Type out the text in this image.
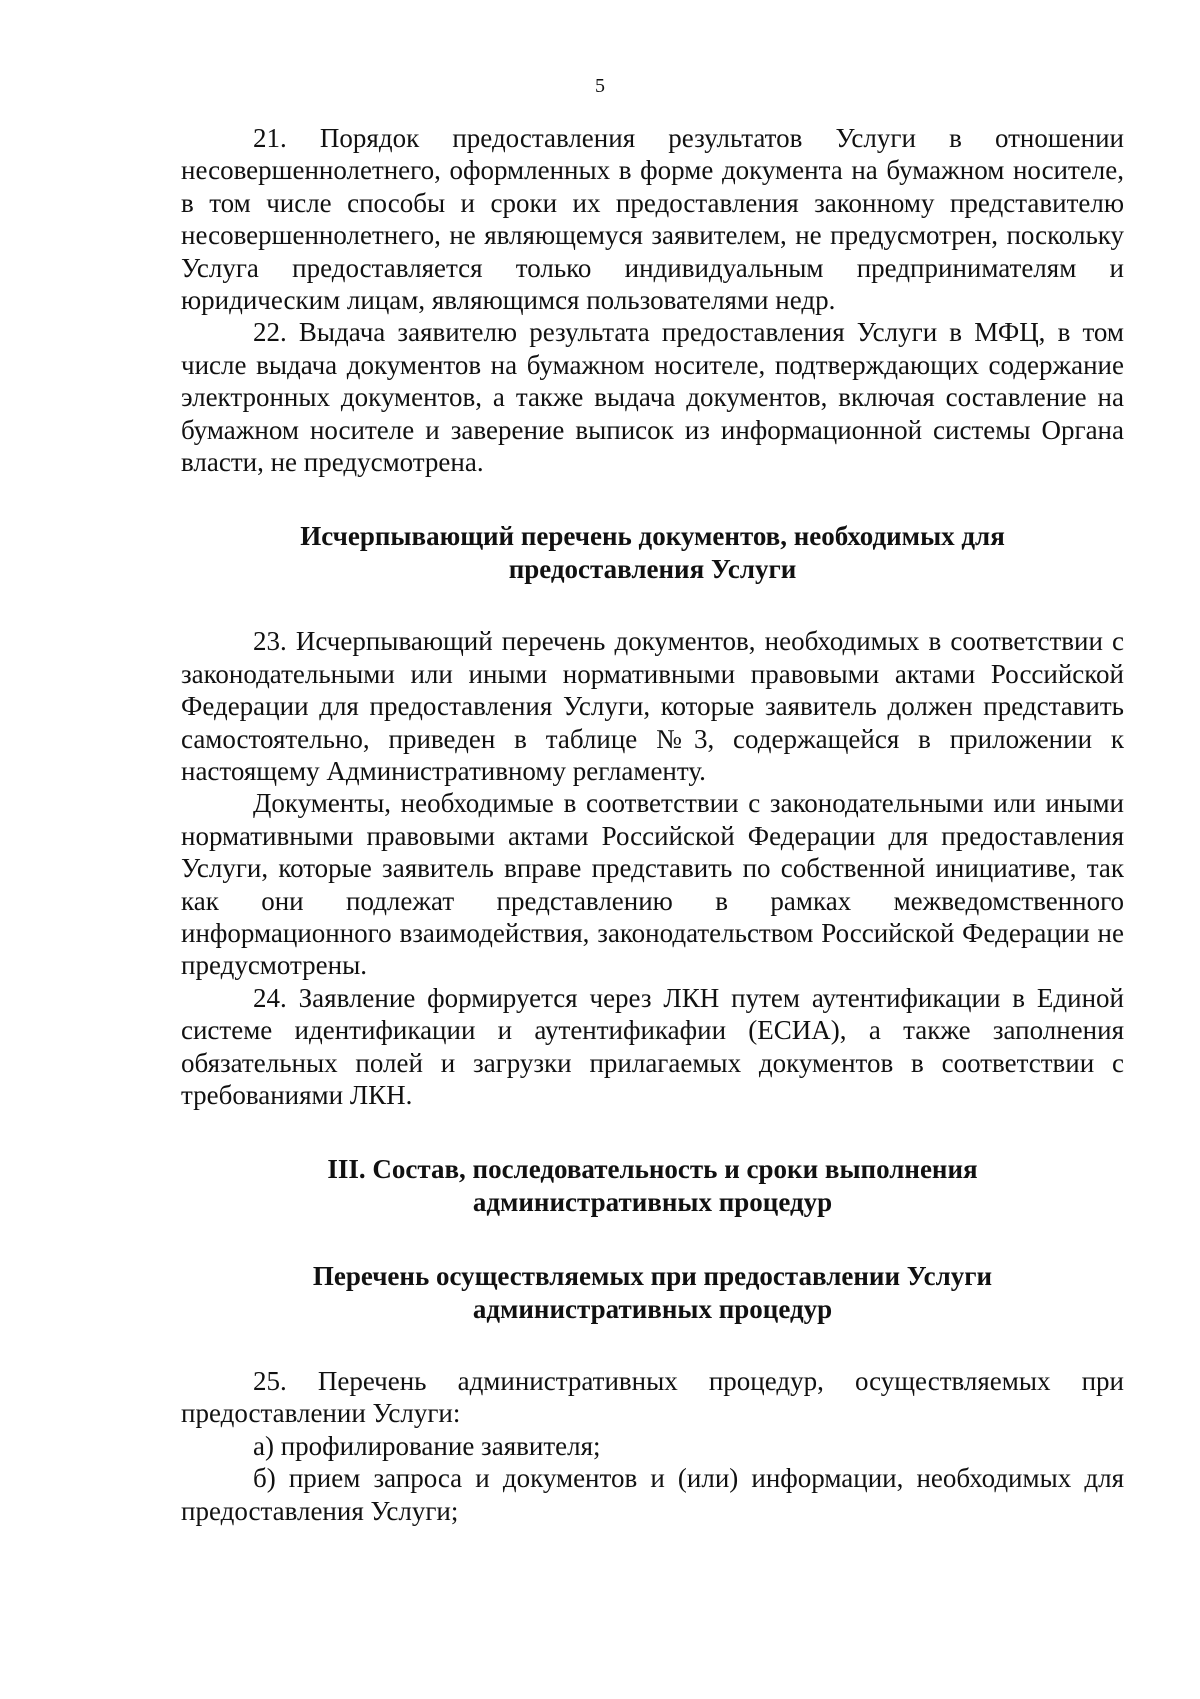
5

21. Порядок предоставления результатов Услуги в отношении несовершеннолетнего, оформленных в форме документа на бумажном носителе, в том числе способы и сроки их предоставления законному представителю несовершеннолетнего, не являющемуся заявителем, не предусмотрен, поскольку Услуга предоставляется только индивидуальным предпринимателям и юридическим лицам, являющимся пользователями недр.

22. Выдача заявителю результата предоставления Услуги в МФЦ, в том числе выдача документов на бумажном носителе, подтверждающих содержание электронных документов, а также выдача документов, включая составление на бумажном носителе и заверение выписок из информационной системы Органа власти, не предусмотрена.

Исчерпывающий перечень документов, необходимых для предоставления Услуги

23. Исчерпывающий перечень документов, необходимых в соответствии с законодательными или иными нормативными правовыми актами Российской Федерации для предоставления Услуги, которые заявитель должен представить самостоятельно, приведен в таблице №3, содержащейся в приложении к настоящему Административному регламенту.

Документы, необходимые в соответствии с законодательными или иными нормативными правовыми актами Российской Федерации для предоставления Услуги, которые заявитель вправе представить по собственной инициативе, так как они подлежат представлению в рамках межведомственного информационного взаимодействия, законодательством Российской Федерации не предусмотрены.

24. Заявление формируется через ЛКН путем аутентификации в Единой системе идентификации и аутентификафии (ЕСИА), а также заполнения обязательных полей и загрузки прилагаемых документов в соответствии с требованиями ЛКН.

III. Состав, последовательность и сроки выполнения административных процедур

Перечень осуществляемых при предоставлении Услуги административных процедур

25. Перечень административных процедур, осуществляемых при предоставлении Услуги:

а) профилирование заявителя;

б) прием запроса и документов и (или) информации, необходимых для предоставления Услуги;
